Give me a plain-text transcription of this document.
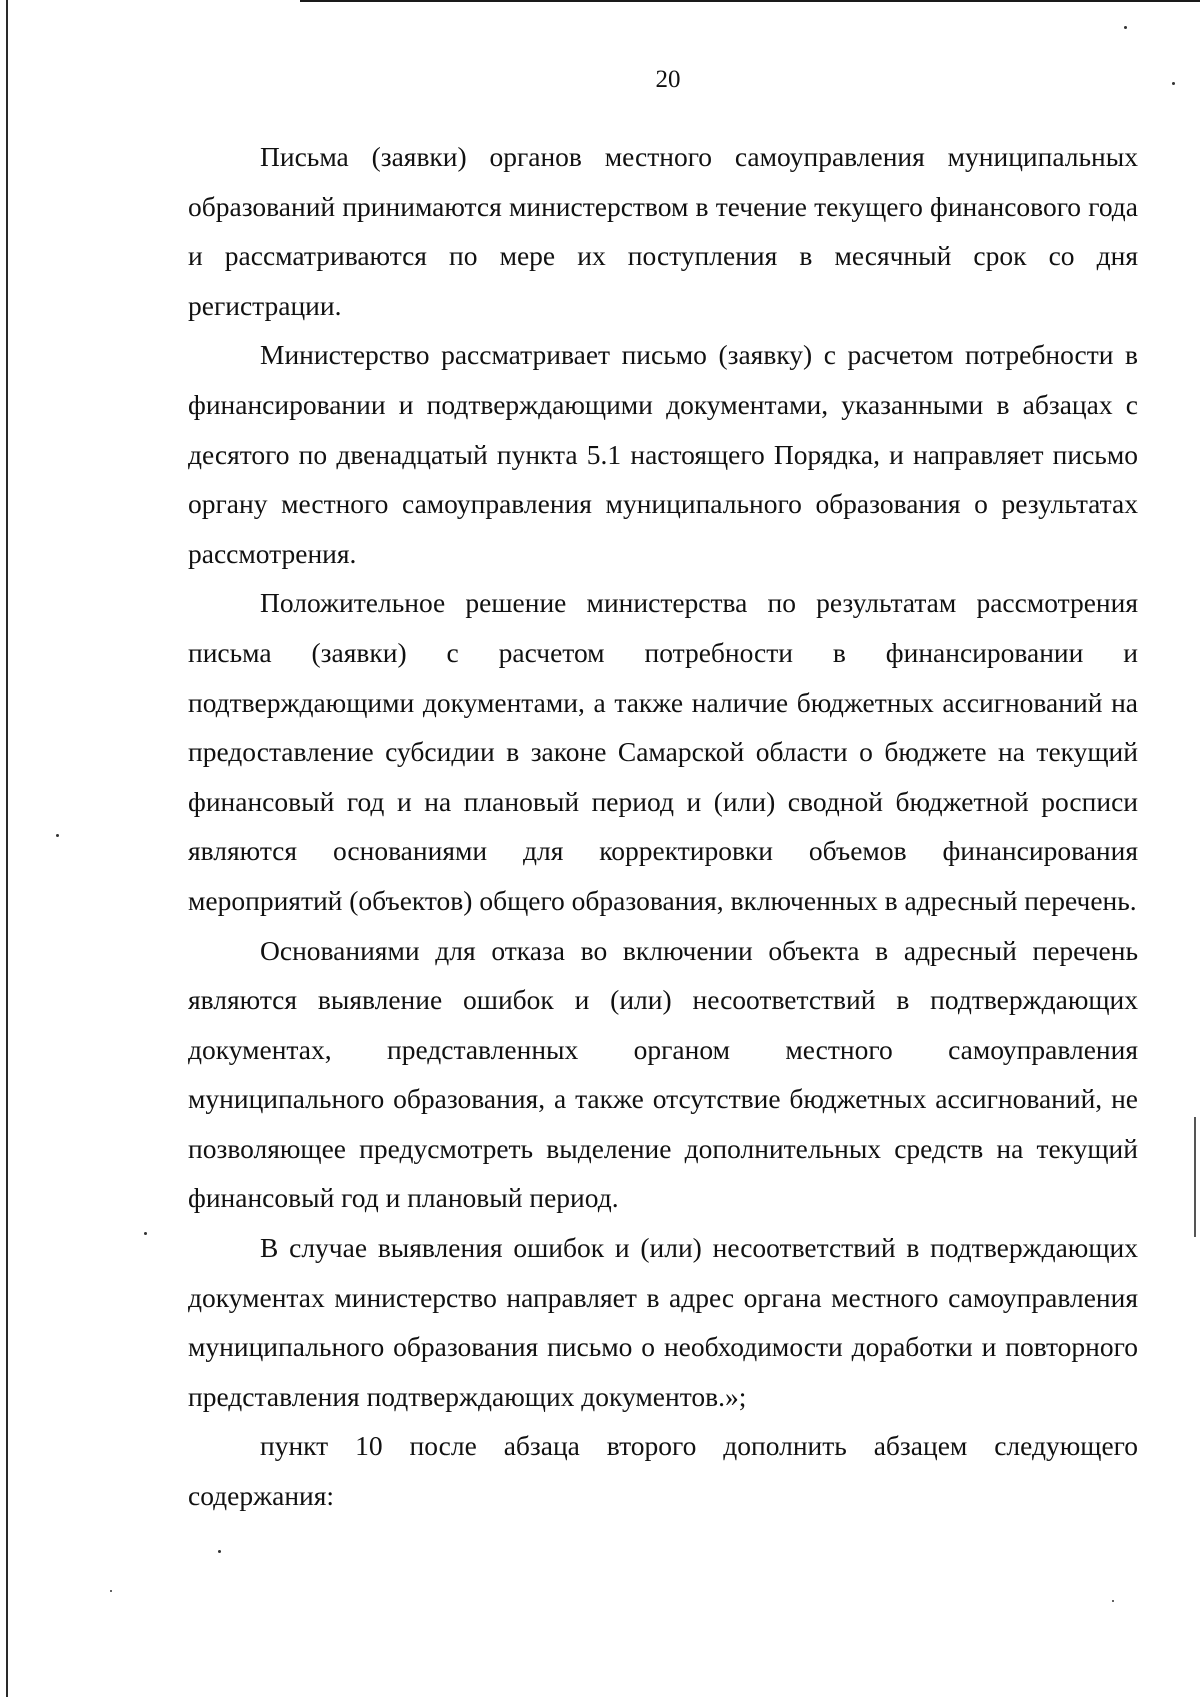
20

Письма (заявки) органов местного самоуправления муниципальных образований принимаются министерством в течение текущего финансового года и рассматриваются по мере их поступления в месячный срок со дня регистрации.

Министерство рассматривает письмо (заявку) с расчетом потребности в финансировании и подтверждающими документами, указанными в абзацах с десятого по двенадцатый пункта 5.1 настоящего Порядка, и направляет письмо органу местного самоуправления муниципального образования о результатах рассмотрения.

Положительное решение министерства по результатам рассмотрения письма (заявки) с расчетом потребности в финансировании и подтверждающими документами, а также наличие бюджетных ассигнований на предоставление субсидии в законе Самарской области о бюджете на текущий финансовый год и на плановый период и (или) сводной бюджетной росписи являются основаниями для корректировки объемов финансирования мероприятий (объектов) общего образования, включенных в адресный перечень.

Основаниями для отказа во включении объекта в адресный перечень являются выявление ошибок и (или) несоответствий в подтверждающих документах, представленных органом местного самоуправления муниципального образования, а также отсутствие бюджетных ассигнований, не позволяющее предусмотреть выделение дополнительных средств на текущий финансовый год и плановый период.

В случае выявления ошибок и (или) несоответствий в подтверждающих документах министерство направляет в адрес органа местного самоуправления муниципального образования письмо о необходимости доработки и повторного представления подтверждающих документов.»;

пункт 10 после абзаца второго дополнить абзацем следующего содержания:
